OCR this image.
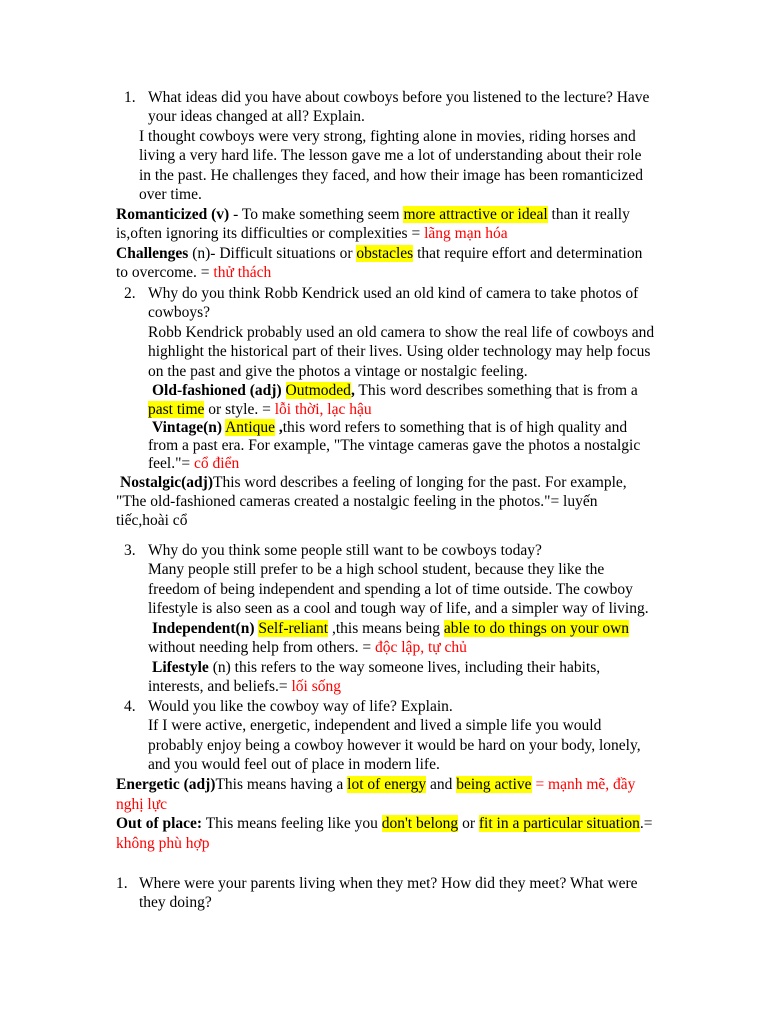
1. What ideas did you have about cowboys before you listened to the lecture? Have
your ideas changed at all? Explain.
I thought cowboys were very strong, fighting alone in movies, riding horses and
living a very hard life. The lesson gave me a lot of understanding about their role
in the past. He challenges they faced, and how their image has been romanticized
over time.
Romanticized (v) - To make something seem more attractive or ideal than it really
is,often ignoring its difficulties or complexities = lãng mạn hóa
Challenges (n)- Difficult situations or obstacles that require effort and determination
to overcome. = thử thách
2. Why do you think Robb Kendrick used an old kind of camera to take photos of
cowboys?
Robb Kendrick probably used an old camera to show the real life of cowboys and
highlight the historical part of their lives. Using older technology may help focus
on the past and give the photos a vintage or nostalgic feeling.
Old-fashioned (adj) Outmoded, This word describes something that is from a
past time or style. = lỗi thời, lạc hậu
Vintage(n) Antique ,this word refers to something that is of high quality and
from a past era. For example, "The vintage cameras gave the photos a nostalgic
feel."= cổ điển
Nostalgic(adj)This word describes a feeling of longing for the past. For example,
"The old-fashioned cameras created a nostalgic feeling in the photos."= luyến
tiếc,hoài cổ
3. Why do you think some people still want to be cowboys today?
Many people still prefer to be a high school student, because they like the
freedom of being independent and spending a lot of time outside. The cowboy
lifestyle is also seen as a cool and tough way of life, and a simpler way of living.
Independent(n) Self-reliant ,this means being able to do things on your own
without needing help from others. = độc lập, tự chủ
Lifestyle (n) this refers to the way someone lives, including their habits,
interests, and beliefs.= lối sống
4. Would you like the cowboy way of life? Explain.
If I were active, energetic, independent and lived a simple life you would
probably enjoy being a cowboy however it would be hard on your body, lonely,
and you would feel out of place in modern life.
Energetic (adj)This means having a lot of energy and being active = mạnh mẽ, đầy
nghị lực
Out of place: This means feeling like you don't belong or fit in a particular situation.=
không phù hợp
1. Where were your parents living when they met? How did they meet? What were
they doing?
